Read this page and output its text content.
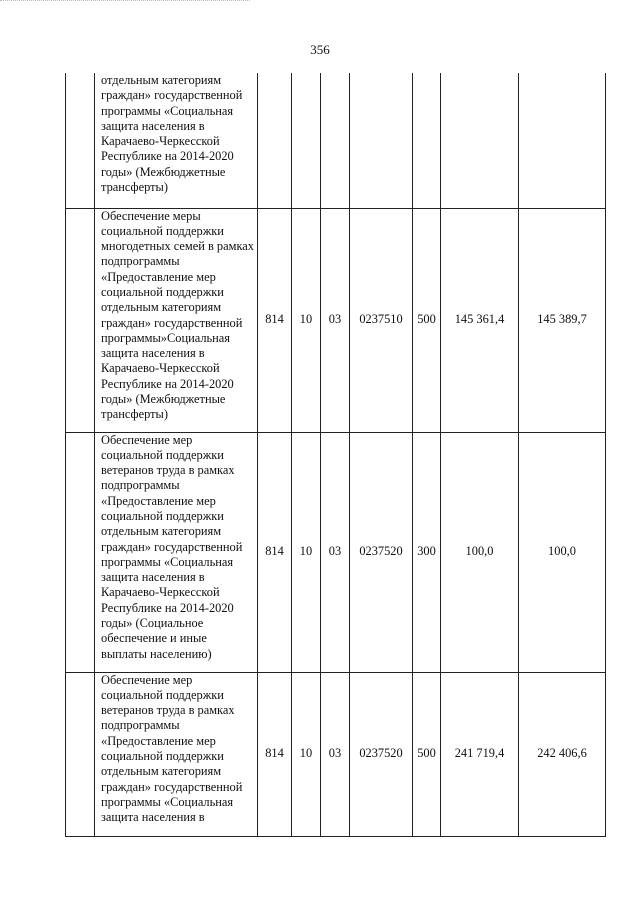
356
	отдельным категориям граждан» государственной программы «Социальная защита населения в Карачаево-Черкесской Республике на 2014-2020 годы» (Межбюджетные трансферты)							
	Обеспечение меры социальной поддержки многодетных семей в рамках подпрограммы «Предоставление мер социальной поддержки отдельным категориям граждан» государственной программы»Социальная защита населения в Карачаево-Черкесской Республике на 2014-2020 годы» (Межбюджетные трансферты)	814	10	03	0237510	500	145 361,4	145 389,7
	Обеспечение мер социальной поддержки ветеранов труда в рамках подпрограммы «Предоставление мер социальной поддержки отдельным категориям граждан» государственной программы «Социальная защита населения в Карачаево-Черкесской Республике на 2014-2020 годы» (Социальное обеспечение и иные выплаты населению)	814	10	03	0237520	300	100,0	100,0
	Обеспечение мер социальной поддержки ветеранов труда в рамках подпрограммы «Предоставление мер социальной поддержки отдельным категориям граждан» государственной программы «Социальная защита населения в	814	10	03	0237520	500	241 719,4	242 406,6
